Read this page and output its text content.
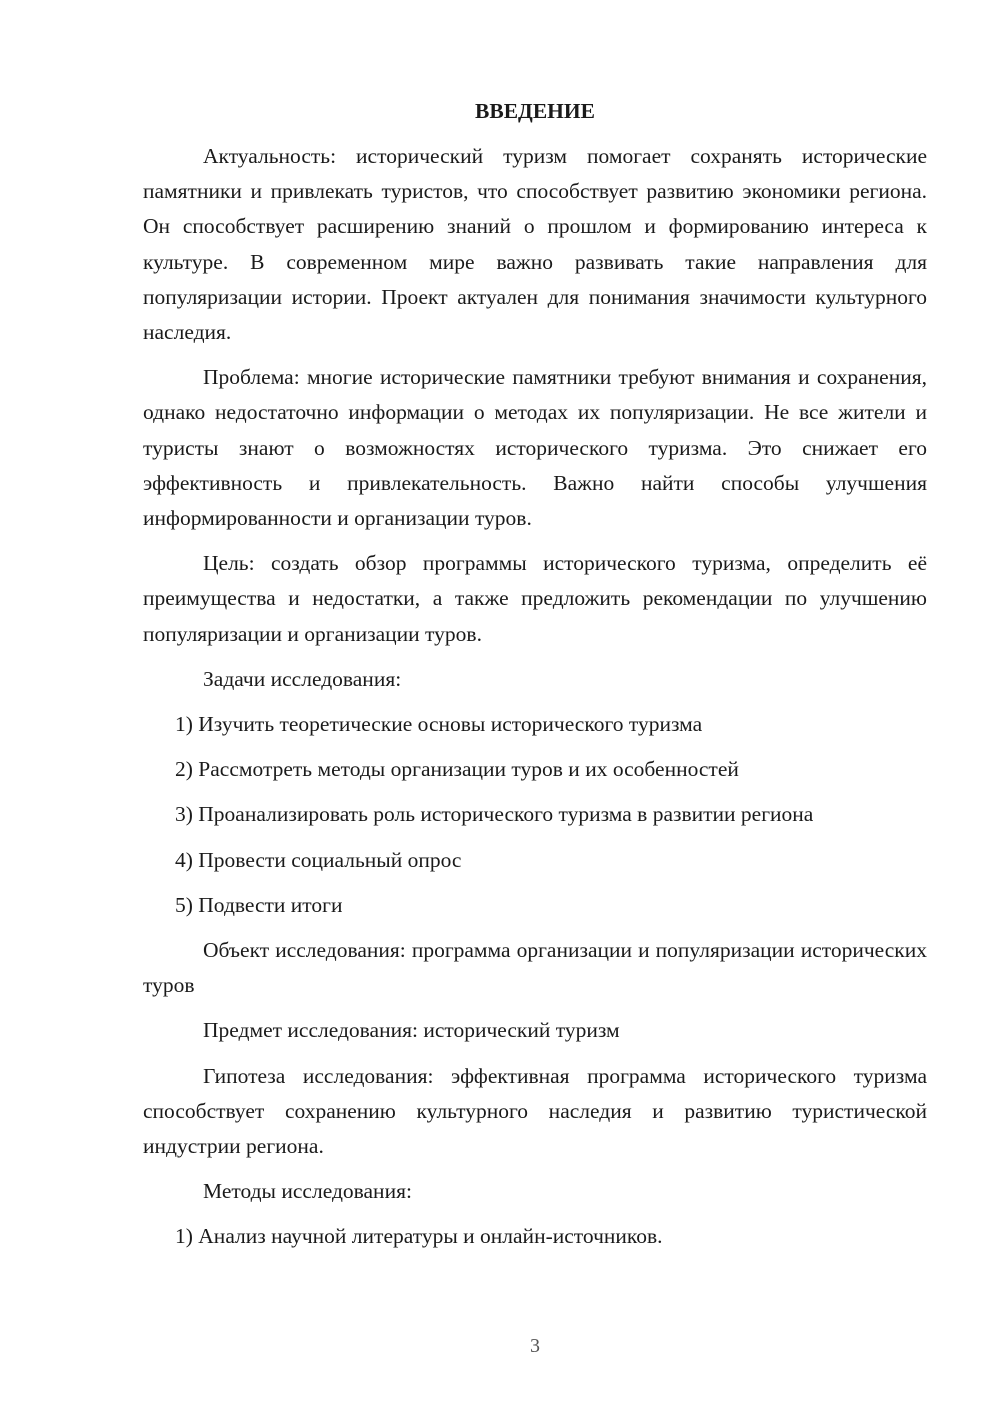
ВВЕДЕНИЕ

Актуальность: исторический туризм помогает сохранять исторические памятники и привлекать туристов, что способствует развитию экономики региона. Он способствует расширению знаний о прошлом и формированию интереса к культуре. В современном мире важно развивать такие направления для популяризации истории. Проект актуален для понимания значимости культурного наследия.

Проблема: многие исторические памятники требуют внимания и сохранения, однако недостаточно информации о методах их популяризации. Не все жители и туристы знают о возможностях исторического туризма. Это снижает его эффективность и привлекательность. Важно найти способы улучшения информированности и организации туров.

Цель: создать обзор программы исторического туризма, определить её преимущества и недостатки, а также предложить рекомендации по улучшению популяризации и организации туров.

Задачи исследования:

1) Изучить теоретические основы исторического туризма

2) Рассмотреть методы организации туров и их особенностей

3) Проанализировать роль исторического туризма в развитии региона

4) Провести социальный опрос

5) Подвести итоги

Объект исследования: программа организации и популяризации исторических туров

Предмет исследования: исторический туризм

Гипотеза исследования: эффективная программа исторического туризма способствует сохранению культурного наследия и развитию туристической индустрии региона.

Методы исследования:

1) Анализ научной литературы и онлайн-источников.

3
